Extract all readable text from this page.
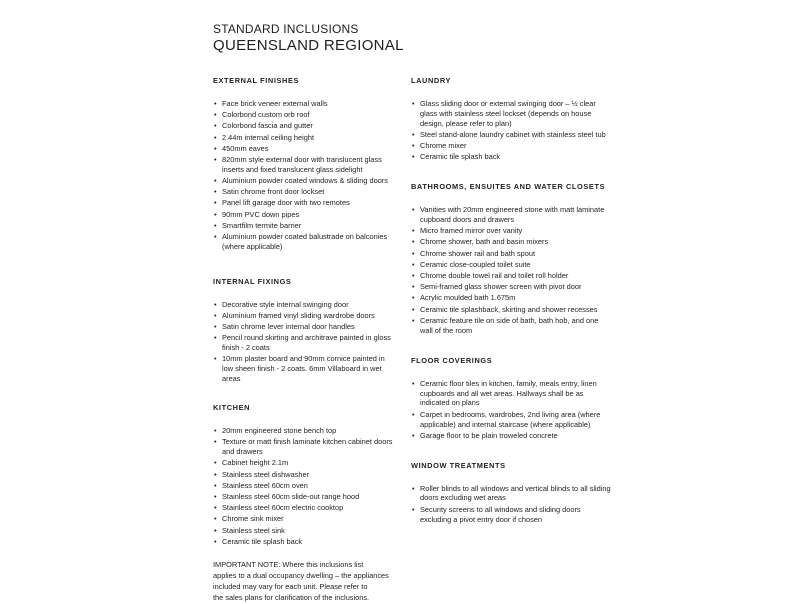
STANDARD INCLUSIONS
QUEENSLAND REGIONAL
EXTERNAL FINISHES
• Face brick veneer external walls
• Colorbond custom orb roof
• Colorbond fascia and gutter
• 2.44m internal ceiling height
• 450mm eaves
• 820mm style external door with translucent glass inserts and fixed translucent glass sidelight
• Aluminium powder coated windows & sliding doors
• Satin chrome front door lockset
• Panel lift garage door with two remotes
• 90mm PVC down pipes
• Smartfilm termite barrier
• Aluminium powder coated balustrade on balconies (where applicable)
INTERNAL FIXINGS
• Decorative style internal swinging door
• Aluminium framed vinyl sliding wardrobe doors
• Satin chrome lever internal door handles
• Pencil round skirting and architrave painted in gloss finish - 2 coats
• 10mm plaster board and 90mm cornice painted in low sheen finish - 2 coats. 6mm Villaboard in wet areas
KITCHEN
• 20mm engineered stone bench top
• Texture or matt finish laminate kitchen cabinet doors and drawers
• Cabinet height 2.1m
• Stainless steel dishwasher
• Stainless steel 60cm oven
• Stainless steel 60cm slide-out range hood
• Stainless steel 60cm electric cooktop
• Chrome sink mixer
• Stainless steel sink
• Ceramic tile splash back
IMPORTANT NOTE: Where this inclusions list
applies to a dual occupancy dwelling – the appliances
included may vary for each unit. Please refer to
the sales plans for clarification of the inclusions.
LAUNDRY
• Glass sliding door or external swinging door – ½ clear glass with stainless steel lockset (depends on house design, please refer to plan)
• Steel stand-alone laundry cabinet with stainless steel tub
• Chrome mixer
• Ceramic tile splash back
BATHROOMS, ENSUITES AND WATER CLOSETS
• Vanities with 20mm engineered stone with matt laminate cupboard doors and drawers
• Micro framed mirror over vanity
• Chrome shower, bath and basin mixers
• Chrome shower rail and bath spout
• Ceramic close-coupled toilet suite
• Chrome double towel rail and toilet roll holder
• Semi-framed glass shower screen with pivot door
• Acrylic moulded bath 1.675m
• Ceramic tile splashback, skirting and shower recesses
• Ceramic feature tile on side of bath, bath hob, and one wall of the room
FLOOR COVERINGS
• Ceramic floor tiles in kitchen, family, meals entry, linen cupboards and all wet areas. Hallways shall be as indicated on plans
• Carpet in bedrooms, wardrobes, 2nd living area (where applicable) and internal staircase (where applicable)
• Garage floor to be plain troweled concrete
WINDOW TREATMENTS
• Roller blinds to all windows and vertical blinds to all sliding doors excluding wet areas
• Security screens to all windows and sliding doors excluding a pivot entry door if chosen
